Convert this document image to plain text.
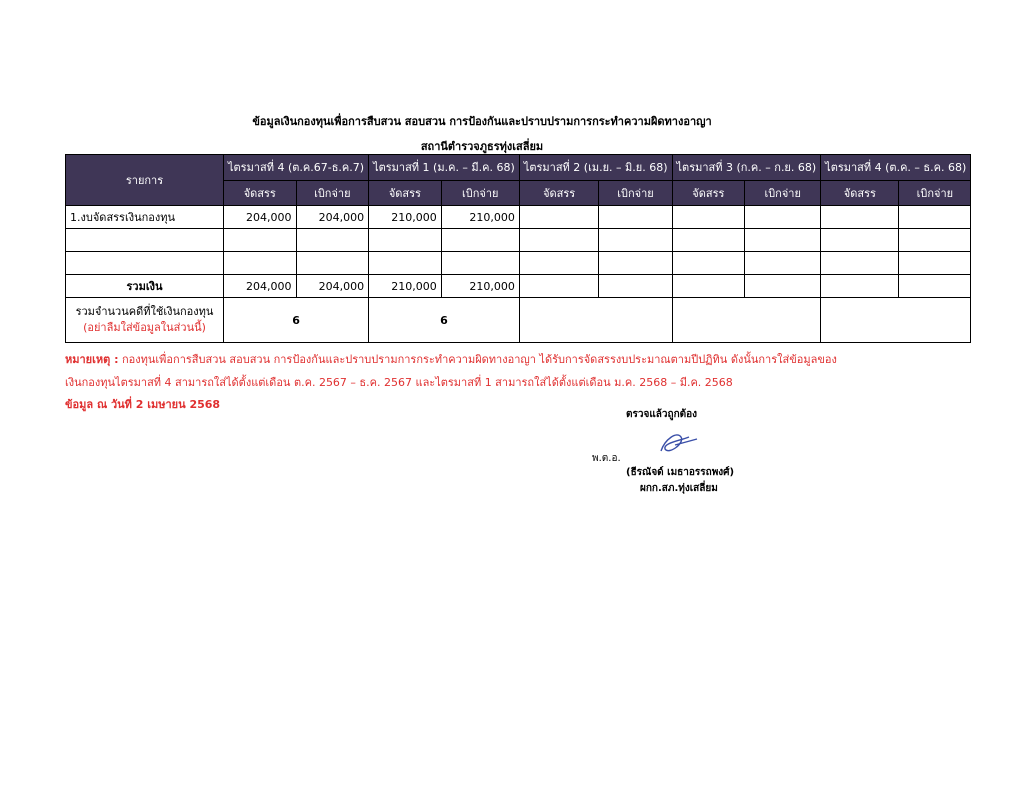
ข้อมูลเงินกองทุนเพื่อการสืบสวน สอบสวน การป้องกันและปราบปรามการกระทำความผิดทางอาญา
สถานีตำรวจภูธรทุ่งเสลี่ยม
รายการ	ไตรมาสที่ 4 (ต.ค.67-ธ.ค.7)		ไตรมาสที่ 1 (ม.ค. – มี.ค. 68)		ไตรมาสที่ 2 (เม.ย. – มิ.ย. 68)		ไตรมาสที่ 3 (ก.ค. – ก.ย. 68)		ไตรมาสที่ 4 (ต.ค. – ธ.ค. 68)	
	จัดสรร	เบิกจ่าย	จัดสรร	เบิกจ่าย	จัดสรร	เบิกจ่าย	จัดสรร	เบิกจ่าย	จัดสรร	เบิกจ่าย
1.งบจัดสรรเงินกองทุน	204,000	204,000	210,000	210,000						

รวมเงิน	204,000	204,000	210,000	210,000						

รวมจำนวนคดีที่ใช้เงินกองทุน
(อย่าลืมใส่ข้อมูลในส่วนนี้)	6		6							
หมายเหตุ : กองทุนเพื่อการสืบสวน สอบสวน การป้องกันและปราบปรามการกระทำความผิดทางอาญา ได้รับการจัดสรรงบประมาณตามปีปฏิทิน ดังนั้นการใส่ข้อมูลของ
เงินกองทุนไตรมาสที่ 4 สามารถใส่ได้ตั้งแต่เดือน ต.ค. 2567 – ธ.ค. 2567 และไตรมาสที่ 1 สามารถใส่ได้ตั้งแต่เดือน ม.ค. 2568 – มี.ค. 2568
ข้อมูล ณ วันที่ 2 เมษายน 2568
ตรวจแล้วถูกต้อง
พ.ต.อ.
(ธีรณัจด์ เมธาอรรถพงศ์)
ผกก.สภ.ทุ่งเสลี่ยม
